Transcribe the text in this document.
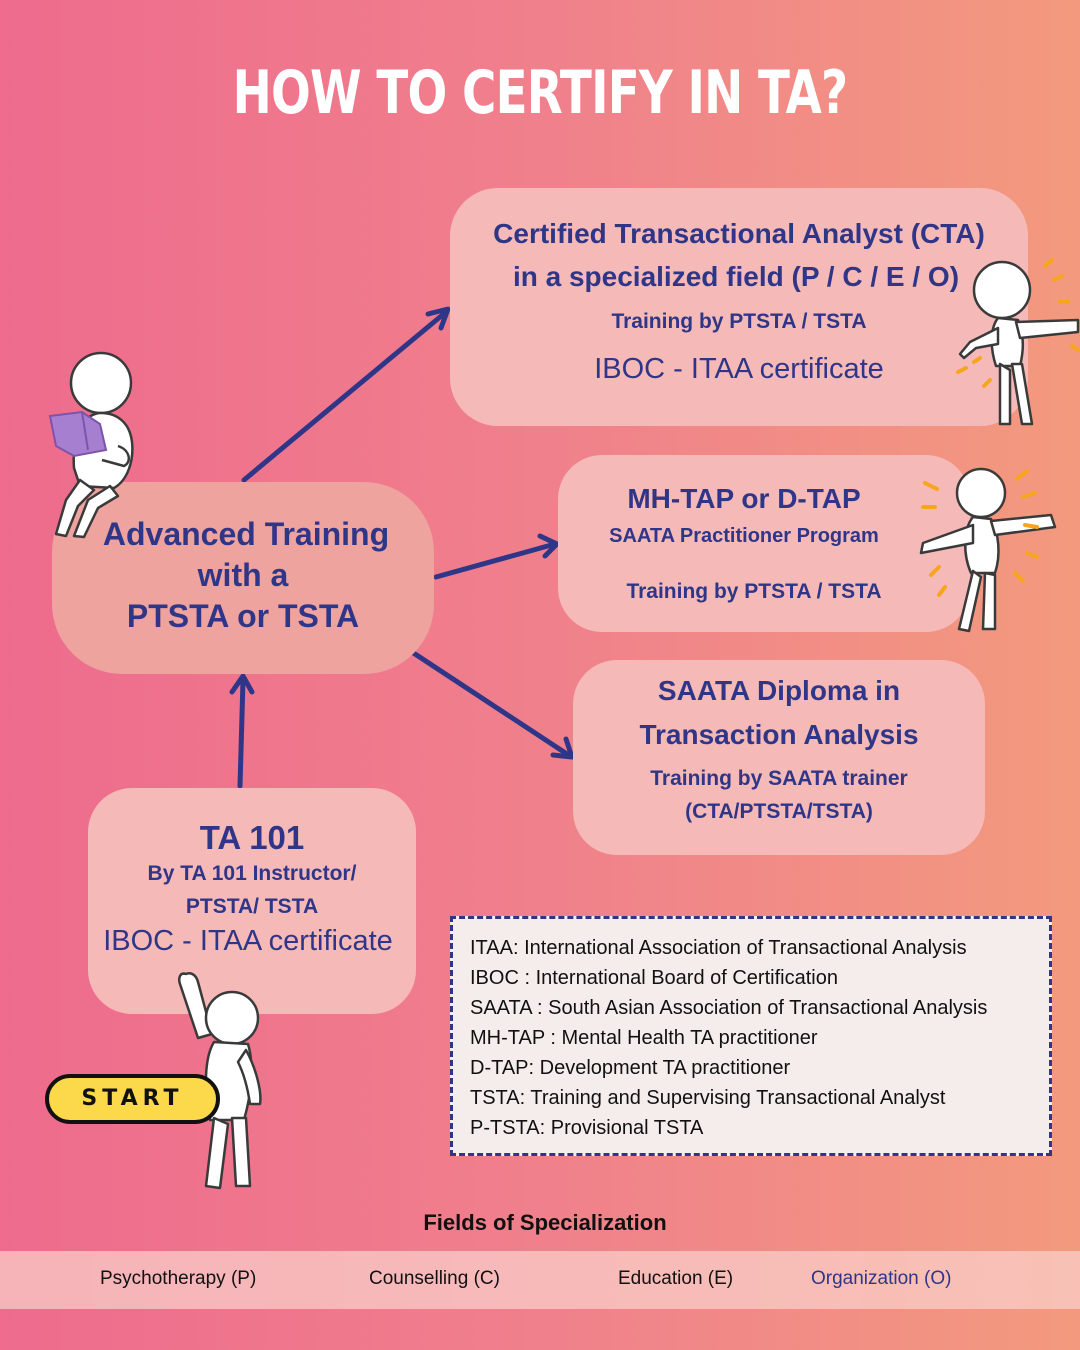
HOW TO CERTIFY IN TA?
Certified Transactional Analyst (CTA)
in a specialized field (P / C / E / O)
Training by PTSTA / TSTA
IBOC - ITAA certificate
Advanced Training
with a
PTSTA or TSTA
MH-TAP or D-TAP
SAATA Practitioner Program
Training by PTSTA / TSTA
SAATA Diploma in
Transaction Analysis
Training by SAATA trainer
(CTA/PTSTA/TSTA)
TA 101
By TA 101 Instructor/
PTSTA/ TSTA
IBOC - ITAA certificate	ITAA: International Association of Transactional Analysis
IBOC : International Board of Certification
SAATA : South Asian Association of Transactional Analysis
MH-TAP : Mental Health TA practitioner
D-TAP: Development TA practitioner
TSTA: Training and Supervising Transactional Analyst
P-TSTA: Provisional TSTA
START
Fields of Specialization
Psychotherapy (P)	Counselling (C)	Education (E)	Organization (O)
